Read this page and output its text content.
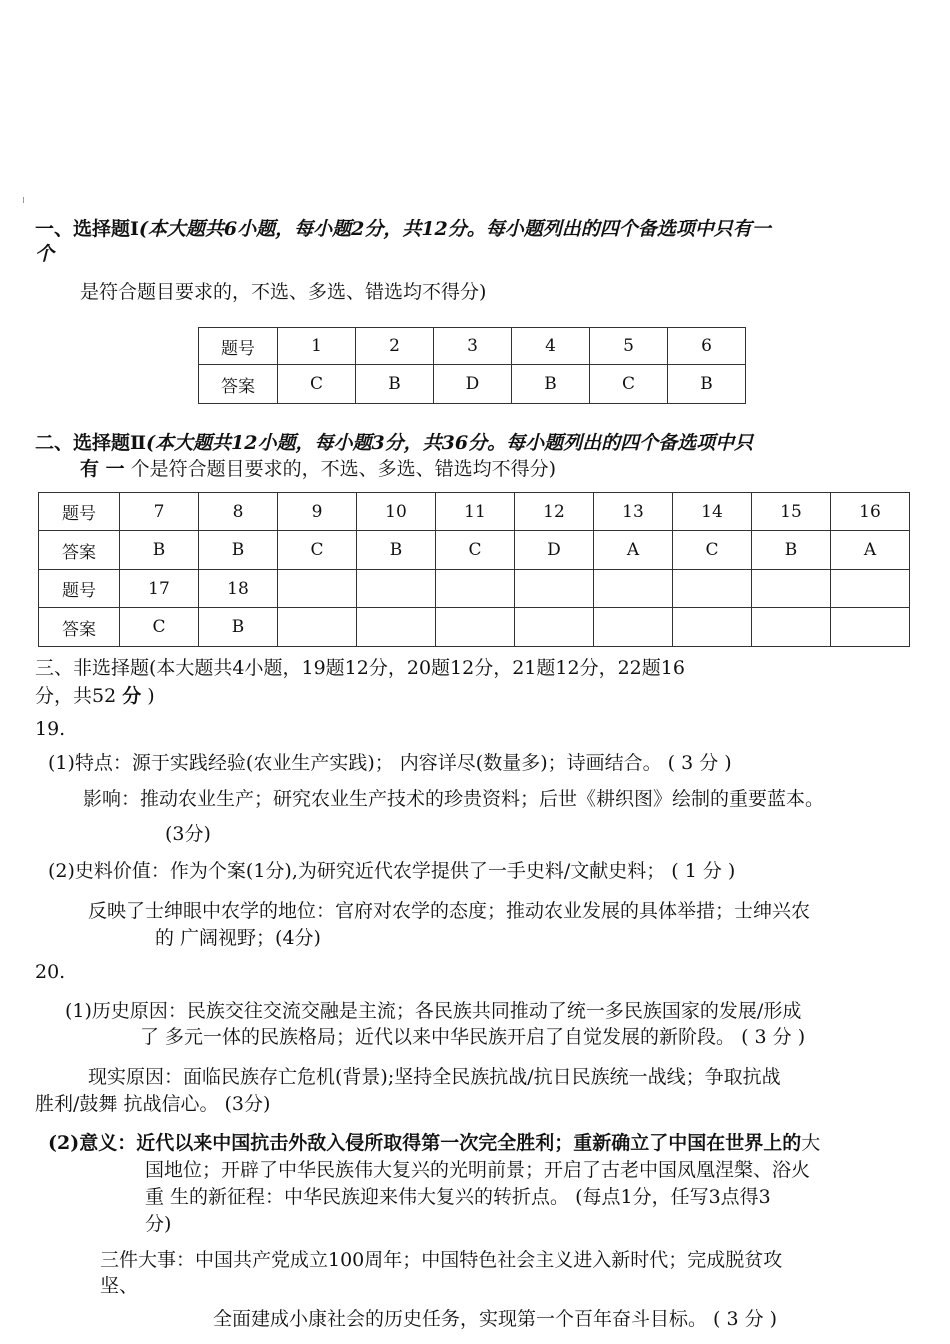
一、选择题Ⅰ(本大题共6小题，每小题2分，共12分。每小题列出的四个备选项中只有一
个
是符合题目要求的，不选、多选、错选均不得分)
题号	1	2	3	4	5	6
答案	C	B	D	B	C	B
二、选择题Ⅱ(本大题共12小题，每小题3分，共36分。每小题列出的四个备选项中只
有 一 个是符合题目要求的，不选、多选、错选均不得分)
题号	7	8	9	10	11	12	13	14	15	16
答案	B	B	C	B	C	D	A	C	B	A
题号	17	18								
答案	C	B								
三、非选择题(本大题共4小题，19题12分，20题12分，21题12分，22题16
分，共52 分 )
19.
(1)特点：源于实践经验(农业生产实践)； 内容详尽(数量多)；诗画结合。 ( 3 分 )
影响：推动农业生产；研究农业生产技术的珍贵资料；后世《耕织图》绘制的重要蓝本。
(3分)
(2)史料价值：作为个案(1分),为研究近代农学提供了一手史料/文献史料； ( 1 分 )
反映了士绅眼中农学的地位：官府对农学的态度；推动农业发展的具体举措；士绅兴农
的 广阔视野；(4分)
20.
(1)历史原因：民族交往交流交融是主流；各民族共同推动了统一多民族国家的发展/形成
了 多元一体的民族格局；近代以来中华民族开启了自觉发展的新阶段。 ( 3 分 )
现实原因：面临民族存亡危机(背景);坚持全民族抗战/抗日民族统一战线；争取抗战
胜利/鼓舞 抗战信心。 (3分)
(2)意义：近代以来中国抗击外敌入侵所取得第一次完全胜利；重新确立了中国在世界上的大
国地位；开辟了中华民族伟大复兴的光明前景；开启了古老中国凤凰涅槃、浴火
重 生的新征程：中华民族迎来伟大复兴的转折点。 (每点1分，任写3点得3
分)
三件大事：中国共产党成立100周年；中国特色社会主义进入新时代；完成脱贫攻
坚、
全面建成小康社会的历史任务，实现第一个百年奋斗目标。 ( 3 分 )
